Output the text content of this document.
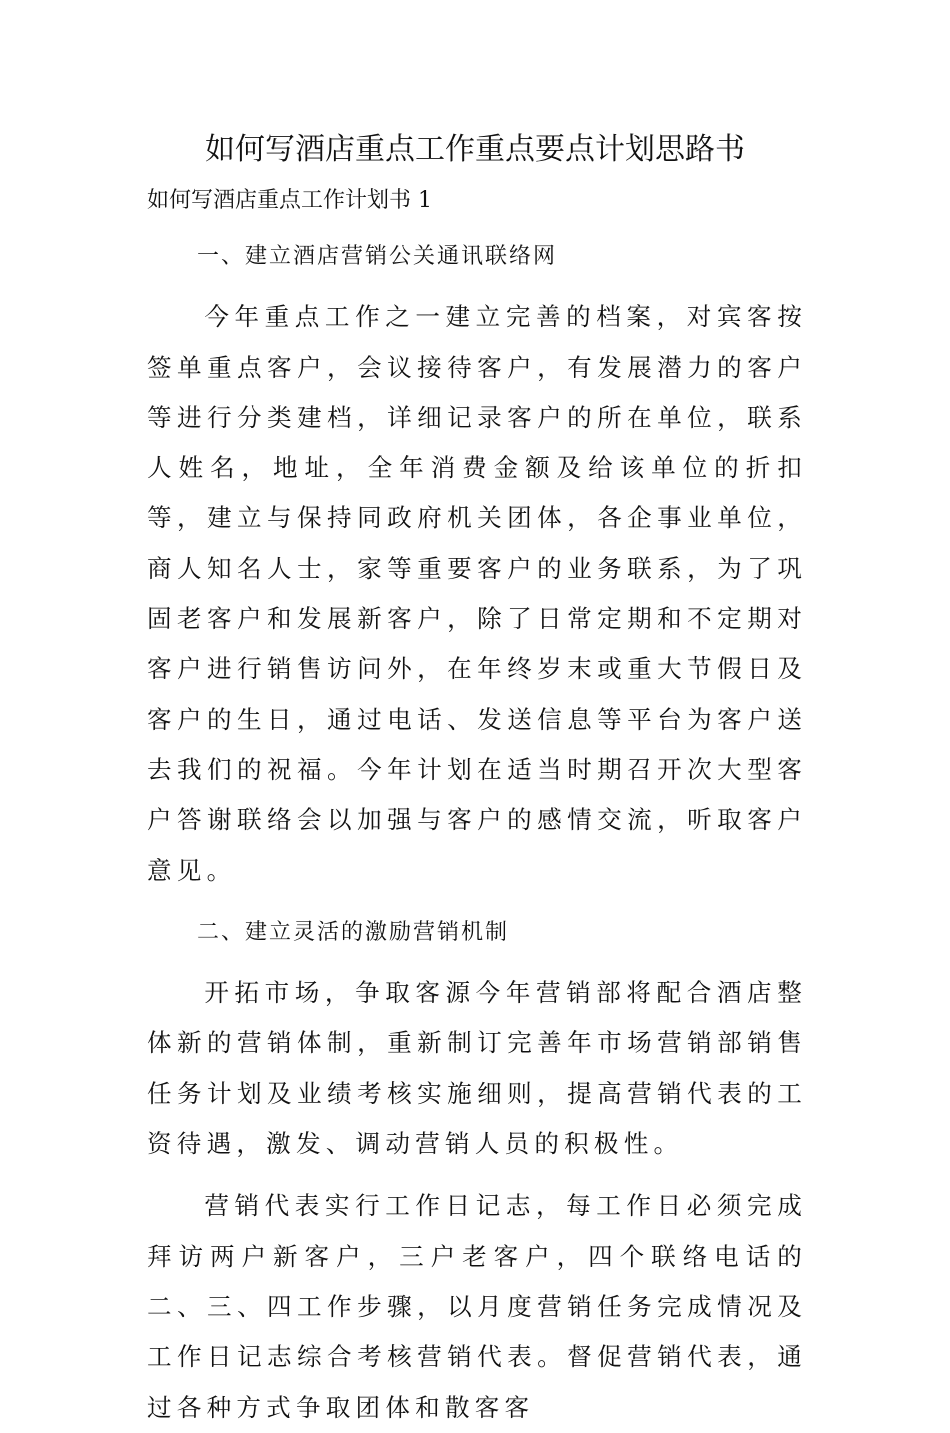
如何写酒店重点工作重点要点计划思路书
如何写酒店重点工作计划书 1

一、建立酒店营销公关通讯联络网

今年重点工作之一建立完善的档案，对宾客按签单重点客户，会议接待客户，有发展潜力的客户等进行分类建档，详细记录客户的所在单位，联系人姓名，地址，全年消费金额及给该单位的折扣等，建立与保持同政府机关团体，各企事业单位，商人知名人士，家等重要客户的业务联系，为了巩固老客户和发展新客户，除了日常定期和不定期对客户进行销售访问外，在年终岁末或重大节假日及客户的生日，通过电话、发送信息等平台为客户送去我们的祝福。今年计划在适当时期召开次大型客户答谢联络会以加强与客户的感情交流，听取客户意见。

二、建立灵活的激励营销机制

开拓市场，争取客源今年营销部将配合酒店整体新的营销体制，重新制订完善年市场营销部销售任务计划及业绩考核实施细则，提高营销代表的工资待遇，激发、调动营销人员的积极性。

营销代表实行工作日记志，每工作日必须完成拜访两户新客户，三户老客户，四个联络电话的二、三、四工作步骤，以月度营销任务完成情况及工作日记志综合考核营销代表。督促营销代表，通过各种方式争取团体和散客客
